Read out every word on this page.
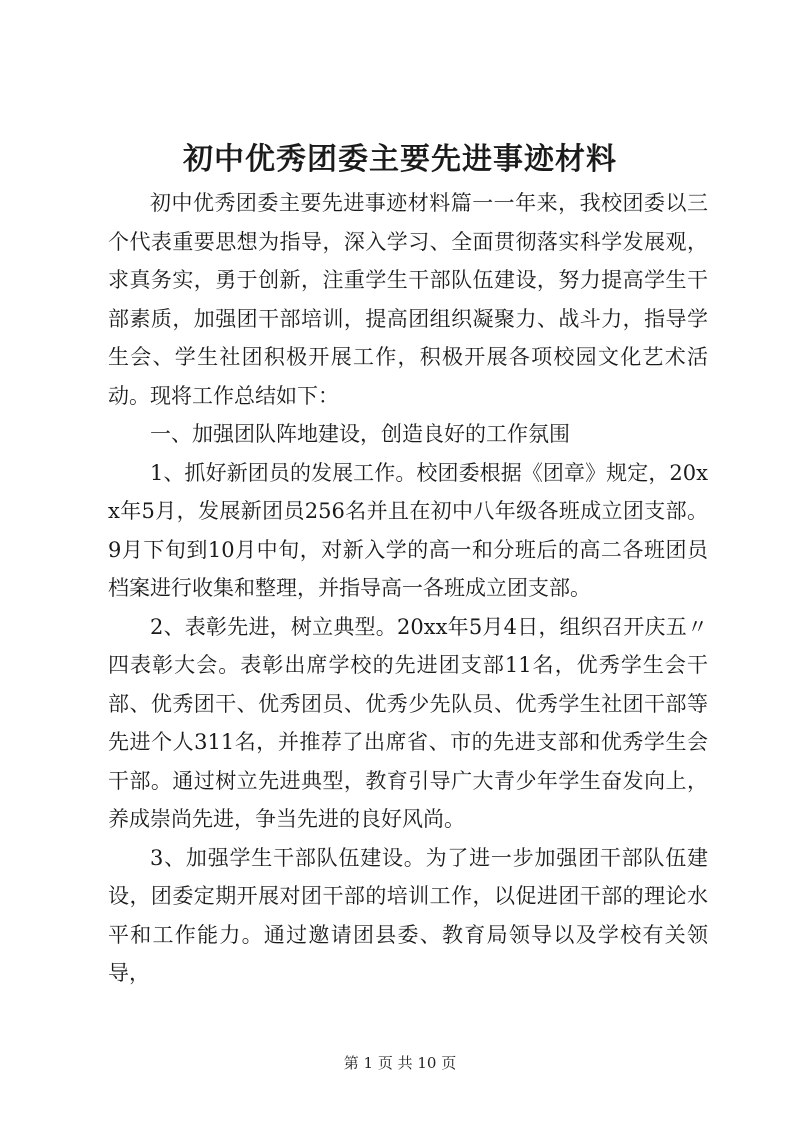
初中优秀团委主要先进事迹材料

初中优秀团委主要先进事迹材料篇一一年来，我校团委以三个代表重要思想为指导，深入学习、全面贯彻落实科学发展观，求真务实，勇于创新，注重学生干部队伍建设，努力提高学生干部素质，加强团干部培训，提高团组织凝聚力、战斗力，指导学生会、学生社团积极开展工作，积极开展各项校园文化艺术活动。现将工作总结如下：

一、加强团队阵地建设，创造良好的工作氛围

1、抓好新团员的发展工作。校团委根据《团章》规定，20xx年5月，发展新团员256名并且在初中八年级各班成立团支部。9月下旬到10月中旬，对新入学的高一和分班后的高二各班团员档案进行收集和整理，并指导高一各班成立团支部。

2、表彰先进，树立典型。20xx年5月4日，组织召开庆五〃四表彰大会。表彰出席学校的先进团支部11名，优秀学生会干部、优秀团干、优秀团员、优秀少先队员、优秀学生社团干部等先进个人311名，并推荐了出席省、市的先进支部和优秀学生会干部。通过树立先进典型，教育引导广大青少年学生奋发向上，养成崇尚先进，争当先进的良好风尚。

3、加强学生干部队伍建设。为了进一步加强团干部队伍建设，团委定期开展对团干部的培训工作，以促进团干部的理论水平和工作能力。通过邀请团县委、教育局领导以及学校有关领导，

第 1 页 共 10 页
